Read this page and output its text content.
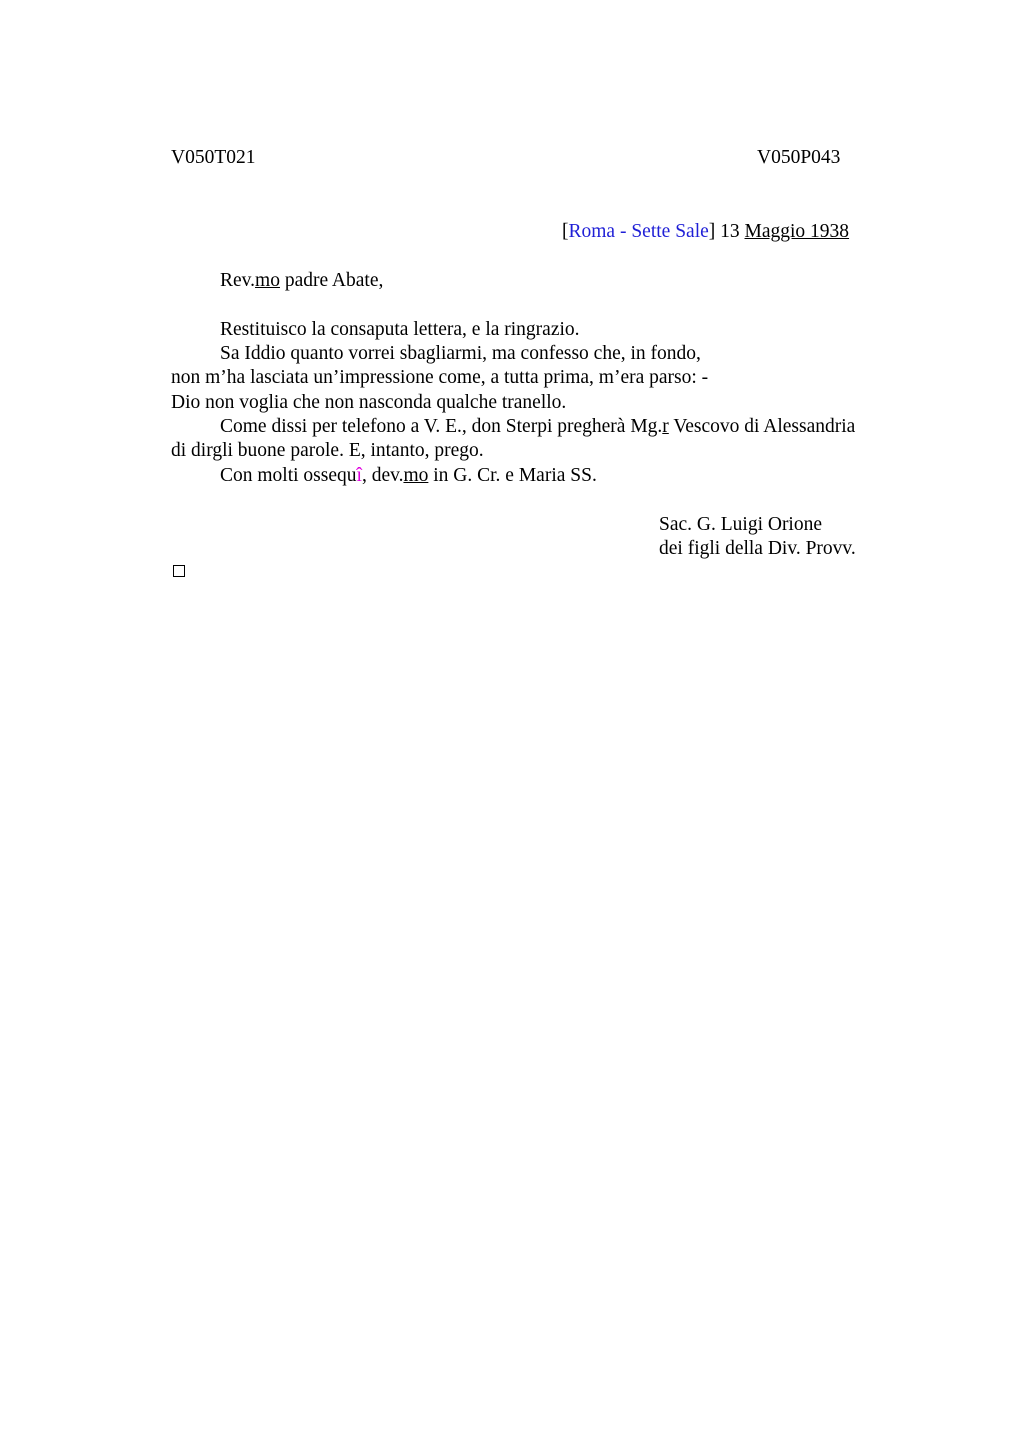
V050T021	V050P043
[Roma - Sette Sale] 13 Maggio 1938
Rev.mo padre Abate,
Restituisco la consaputa lettera, e la ringrazio.
Sa Iddio quanto vorrei sbagliarmi, ma confesso che, in fondo,
non m’ha lasciata un’impressione come, a tutta prima, m’era parso: -
Dio non voglia che non nasconda qualche tranello.
Come dissi per telefono a V. E., don Sterpi pregherà Mg.r Vescovo di Alessandria
di dirgli buone parole. E, intanto, prego.
Con molti ossequî, dev.mo in G. Cr. e Maria SS.
Sac. G. Luigi Orione
dei figli della Div. Provv.
